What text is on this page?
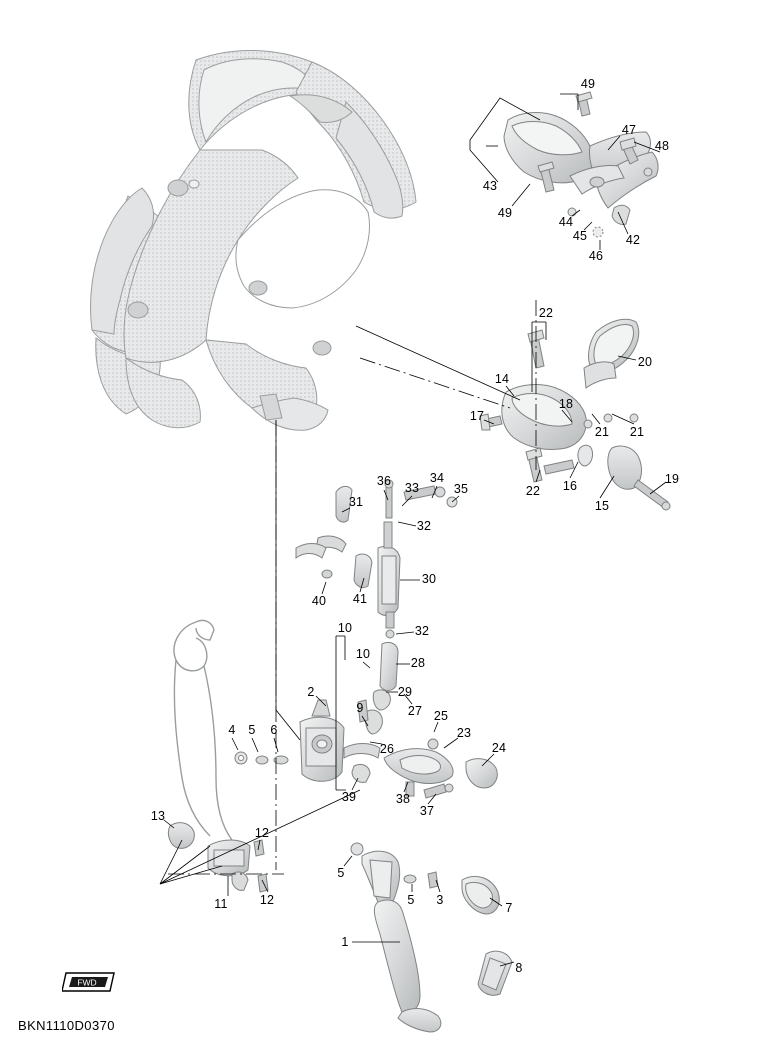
FWD
BKN1110D0370
49
47
48
43
49
44
45	42
46
22
20
14
18
17
21 21
22 16
15
19
36 33
34
35
31
32
30
40 41
32
10
10
28
29
27 25
23
24
2
9
26
4 5 6
39	38
37
13
12
11	12
5
5 3
7
1
8
